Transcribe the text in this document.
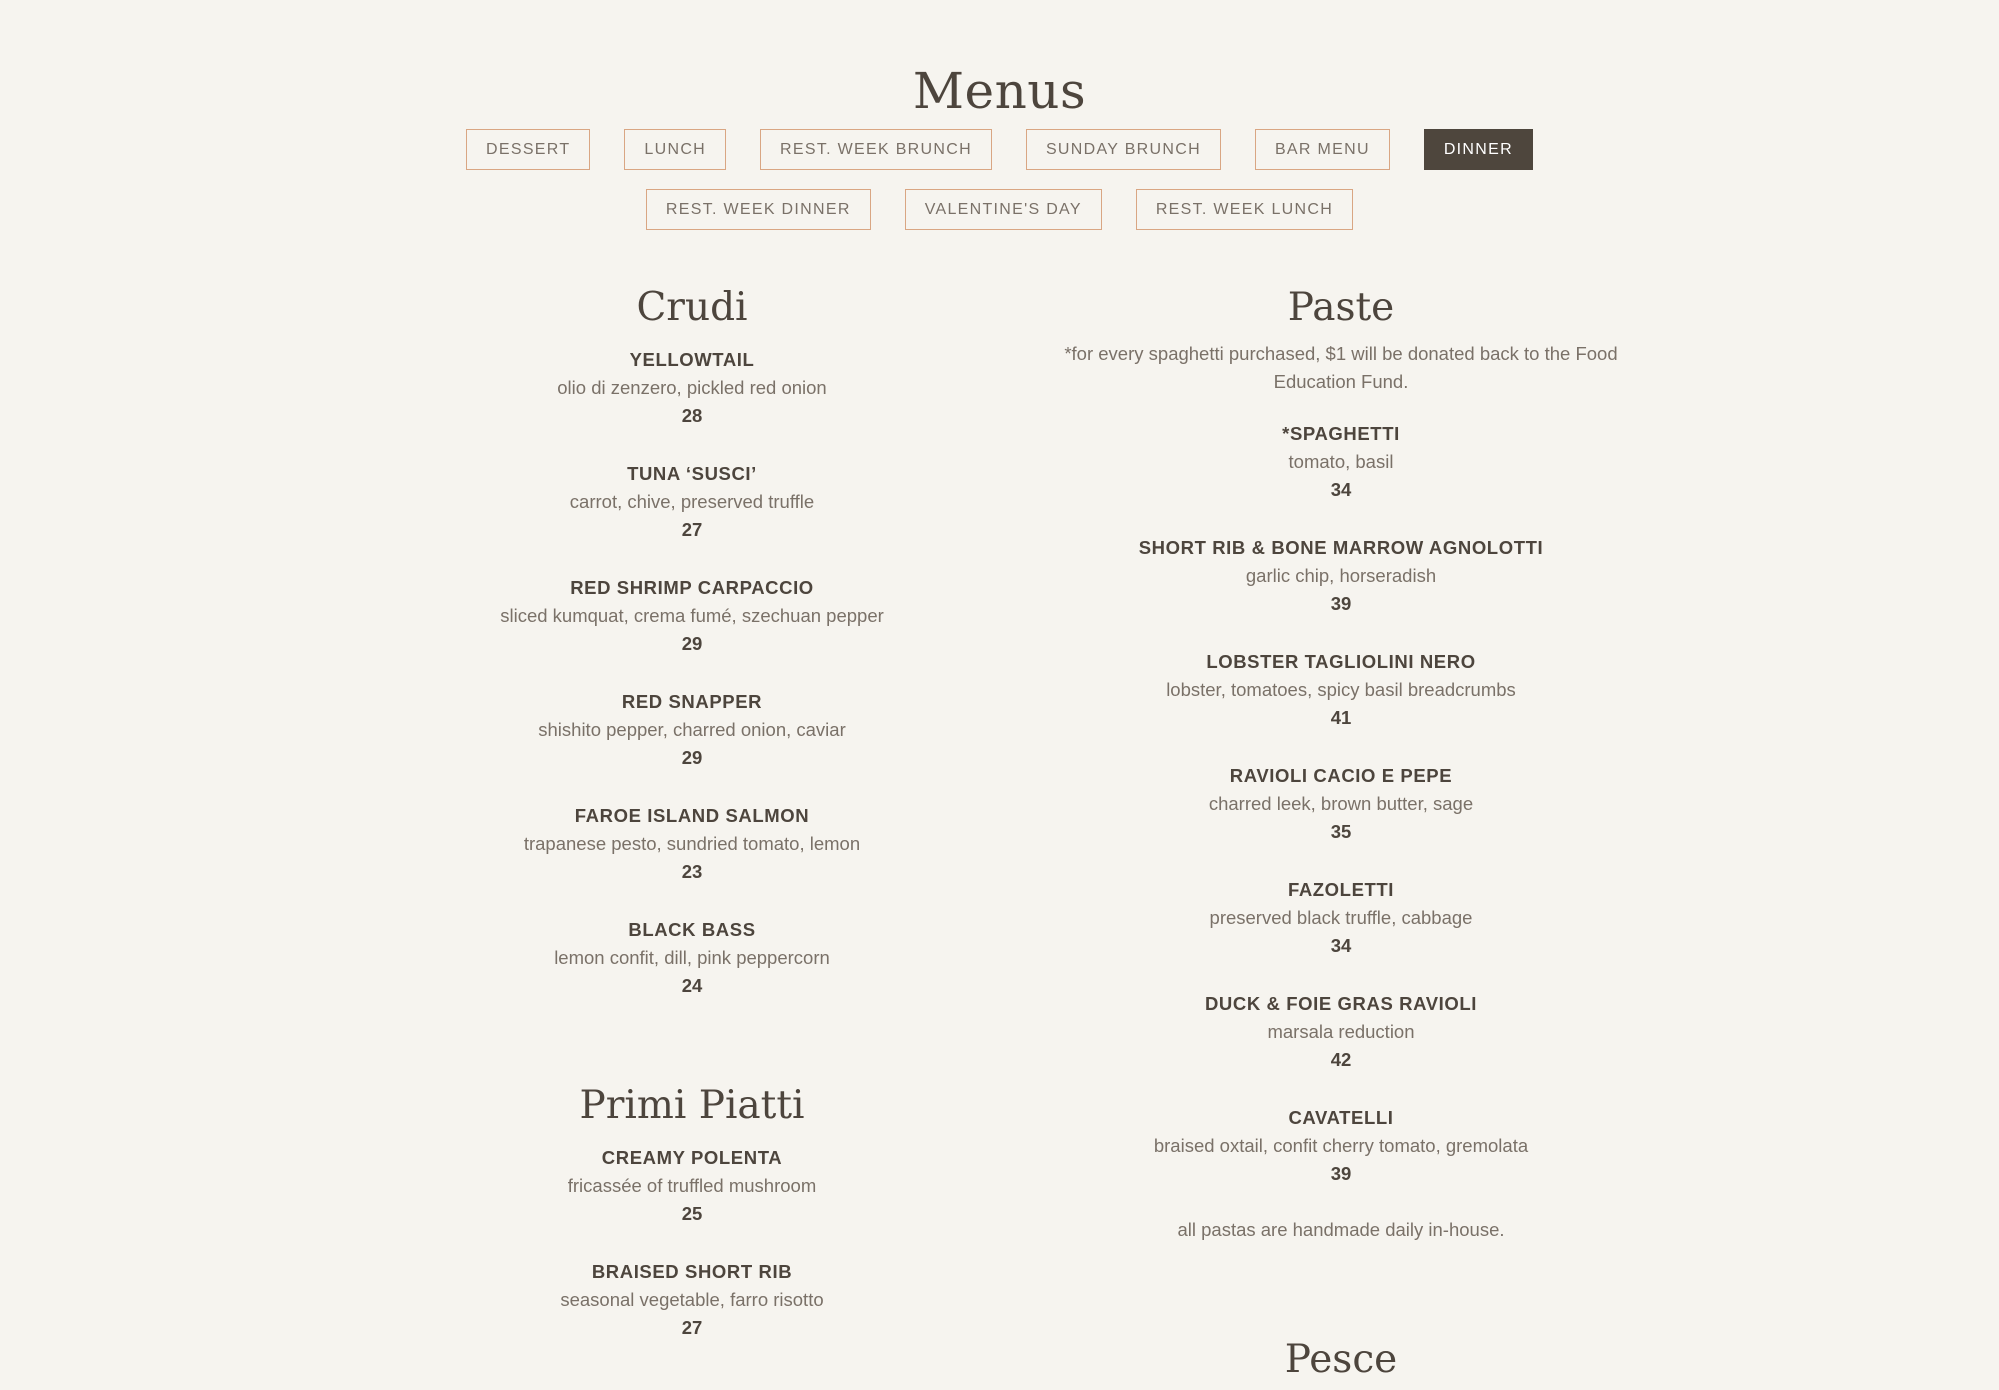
Menus
DESSERT	LUNCH	REST. WEEK BRUNCH	SUNDAY BRUNCH	BAR MENU	DINNER
REST. WEEK DINNER	VALENTINE'S DAY	REST. WEEK LUNCH
Crudi
YELLOWTAIL
olio di zenzero, pickled red onion
28
TUNA ‘SUSCI’
carrot, chive, preserved truffle
27
RED SHRIMP CARPACCIO
sliced kumquat, crema fumé, szechuan pepper
29
RED SNAPPER
shishito pepper, charred onion, caviar
29
FAROE ISLAND SALMON
trapanese pesto, sundried tomato, lemon
23
BLACK BASS
lemon confit, dill, pink peppercorn
24
Primi Piatti
CREAMY POLENTA
fricassée of truffled mushroom
25
BRAISED SHORT RIB
seasonal vegetable, farro risotto
27
Paste
*for every spaghetti purchased, $1 will be donated back to the Food Education Fund.
*SPAGHETTI
tomato, basil
34
SHORT RIB & BONE MARROW AGNOLOTTI
garlic chip, horseradish
39
LOBSTER TAGLIOLINI NERO
lobster, tomatoes, spicy basil breadcrumbs
41
RAVIOLI CACIO E PEPE
charred leek, brown butter, sage
35
FAZOLETTI
preserved black truffle, cabbage
34
DUCK & FOIE GRAS RAVIOLI
marsala reduction
42
CAVATELLI
braised oxtail, confit cherry tomato, gremolata
39
all pastas are handmade daily in-house.
Pesce
